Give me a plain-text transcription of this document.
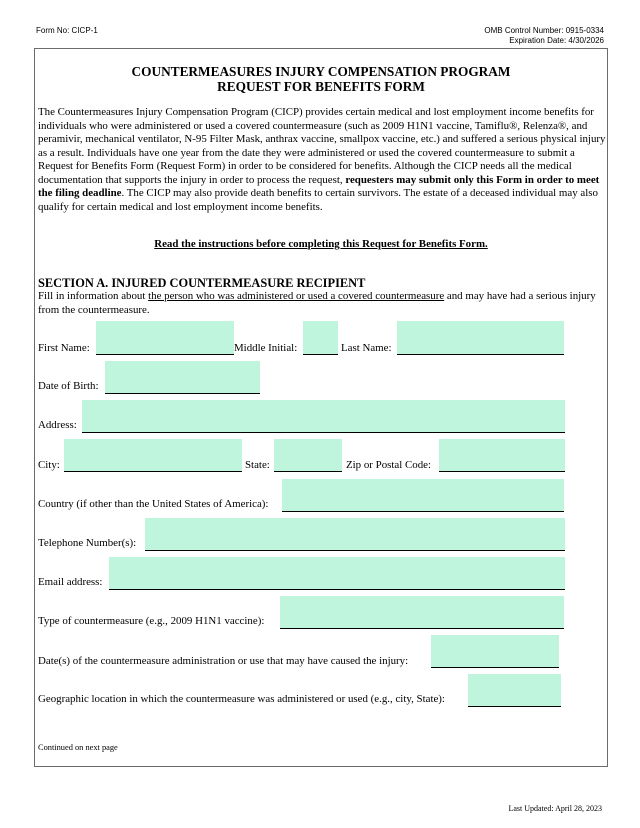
Form No: CICP-1	OMB Control Number: 0915-0334
Expiration Date: 4/30/2026
COUNTERMEASURES INJURY COMPENSATION PROGRAM
REQUEST FOR BENEFITS FORM
The Countermeasures Injury Compensation Program (CICP) provides certain medical and lost employment income benefits for individuals who were administered or used a covered countermeasure (such as 2009 H1N1 vaccine, Tamiflu®, Relenza®, and peramivir, mechanical ventilator, N-95 Filter Mask, anthrax vaccine, smallpox vaccine, etc.) and suffered a serious physical injury as a result. Individuals have one year from the date they were administered or used the covered countermeasure to submit a Request for Benefits Form (Request Form) in order to be considered for benefits. Although the CICP needs all the medical documentation that supports the injury in order to process the request, requesters may submit only this Form in order to meet the filing deadline. The CICP may also provide death benefits to certain survivors. The estate of a deceased individual may also qualify for certain medical and lost employment income benefits.
Read the instructions before completing this Request for Benefits Form.
SECTION A. INJURED COUNTERMEASURE RECIPIENT
Fill in information about the person who was administered or used a covered countermeasure and may have had a serious injury from the countermeasure.
First Name:	Middle Initial:	Last Name:
Date of Birth:
Address:
City:	State:	Zip or Postal Code:
Country (if other than the United States of America):
Telephone Number(s):
Email address:
Type of countermeasure (e.g., 2009 H1N1 vaccine):
Date(s) of the countermeasure administration or use that may have caused the injury:
Geographic location in which the countermeasure was administered or used (e.g., city, State):
Continued on next page
Last Updated: April 28, 2023
